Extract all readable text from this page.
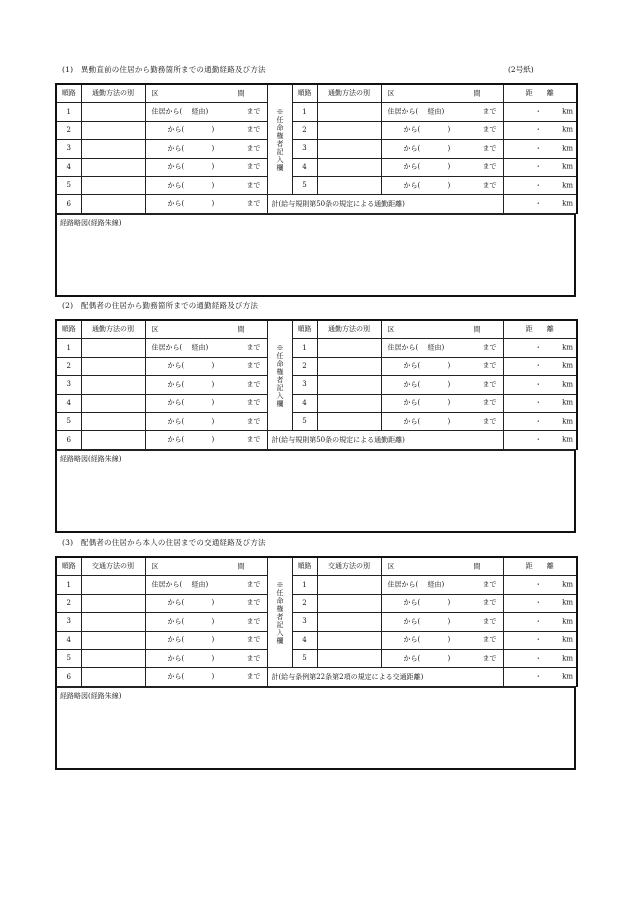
(2号紙)
(1)　異動直前の住居から勤務箇所までの通勤経路及び方法
順路	通勤方法の別	区 間	※任命権者記入欄	順路	通勤方法の別	区 間	距　　離
1		住居から( 経由) まで		1		住居から( 経由) まで	・ km

2		から( ) まで		2		から( ) まで	・ km

3		から( ) まで		3		から( ) まで	・ km

4		から( ) まで		4		から( ) まで	・ km

5		から( ) まで		5		から( ) まで	・ km

6		から( ) まで	計(給与規則第50条の規定による通勤距離)				・ km
経路略図(経路朱線)
(2)　配偶者の住居から勤務箇所までの通勤経路及び方法
順路	通勤方法の別	区 間	※任命権者記入欄	順路	通勤方法の別	区 間	距　　離
1		住居から( 経由) まで		1		住居から( 経由) まで	・ km

2		から( ) まで		2		から( ) まで	・ km

3		から( ) まで		3		から( ) まで	・ km

4		から( ) まで		4		から( ) まで	・ km

5		から( ) まで		5		から( ) まで	・ km

6		から( ) まで	計(給与規則第50条の規定による通勤距離)				・ km
経路略図(経路朱線)
(3)　配偶者の住居から本人の住居までの交通経路及び方法
順路	交通方法の別	区 間	※任命権者記入欄	順路	交通方法の別	区 間	距　　離
1		住居から( 経由) まで		1		住居から( 経由) まで	・ km

2		から( ) まで		2		から( ) まで	・ km

3		から( ) まで		3		から( ) まで	・ km

4		から( ) まで		4		から( ) まで	・ km

5		から( ) まで		5		から( ) まで	・ km

6		から( ) まで	計(給与条例第22条第2項の規定による交通距離)				・ km
経路略図(経路朱線)
